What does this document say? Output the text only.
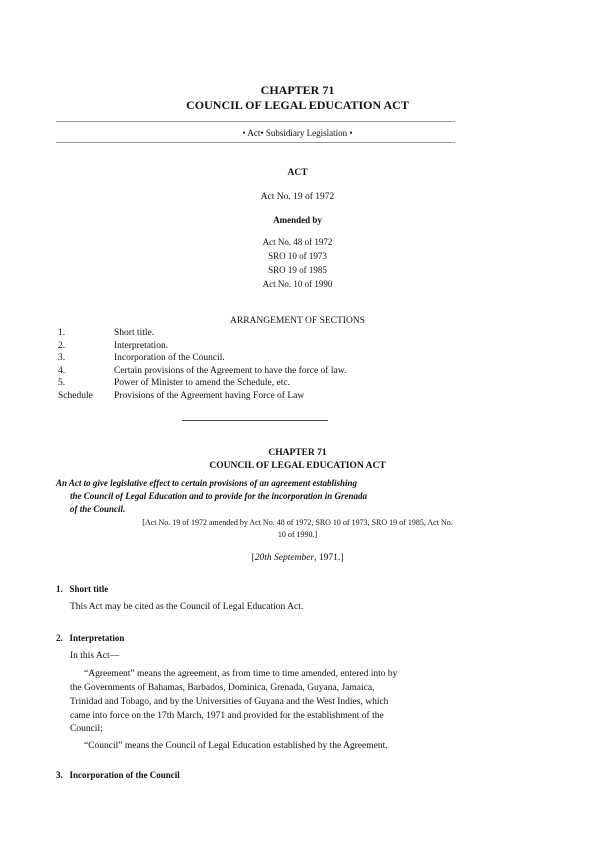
CHAPTER 71
COUNCIL OF LEGAL EDUCATION ACT
• Act• Subsidiary Legislation •
ACT
Act No. 19 of 1972
Amended by
Act No. 48 of 1972
SRO 10 of 1973
SRO 19 of 1985
Act No. 10 of 1990
ARRANGEMENT OF SECTIONS
1.	Short title.
2.	Interpretation.
3.	Incorporation of the Council.
4.	Certain provisions of the Agreement to have the force of law.
5.	Power of Minister to amend the Schedule, etc.
Schedule Provisions of the Agreement having Force of Law
CHAPTER 71
COUNCIL OF LEGAL EDUCATION ACT
An Act to give legislative effect to certain provisions of an agreement establishing
the Council of Legal Education and to provide for the incorporation in Grenada
of the Council.
[Act No. 19 of 1972 amended by Act No. 48 of 1972, SRO 10 of 1973, SRO 19 of 1985, Act No.
10 of 1990.]
[20th September, 1971.]
1. Short title
This Act may be cited as the Council of Legal Education Act.
2. Interpretation
In this Act—
“Agreement” means the agreement, as from time to time amended, entered into by
the Governments of Bahamas, Barbados, Dominica, Grenada, Guyana, Jamaica,
Trinidad and Tobago, and by the Universities of Guyana and the West Indies, which
came into force on the 17th March, 1971 and provided for the establishment of the
Council;
“Council” means the Council of Legal Education established by the Agreement.
3. Incorporation of the Council
